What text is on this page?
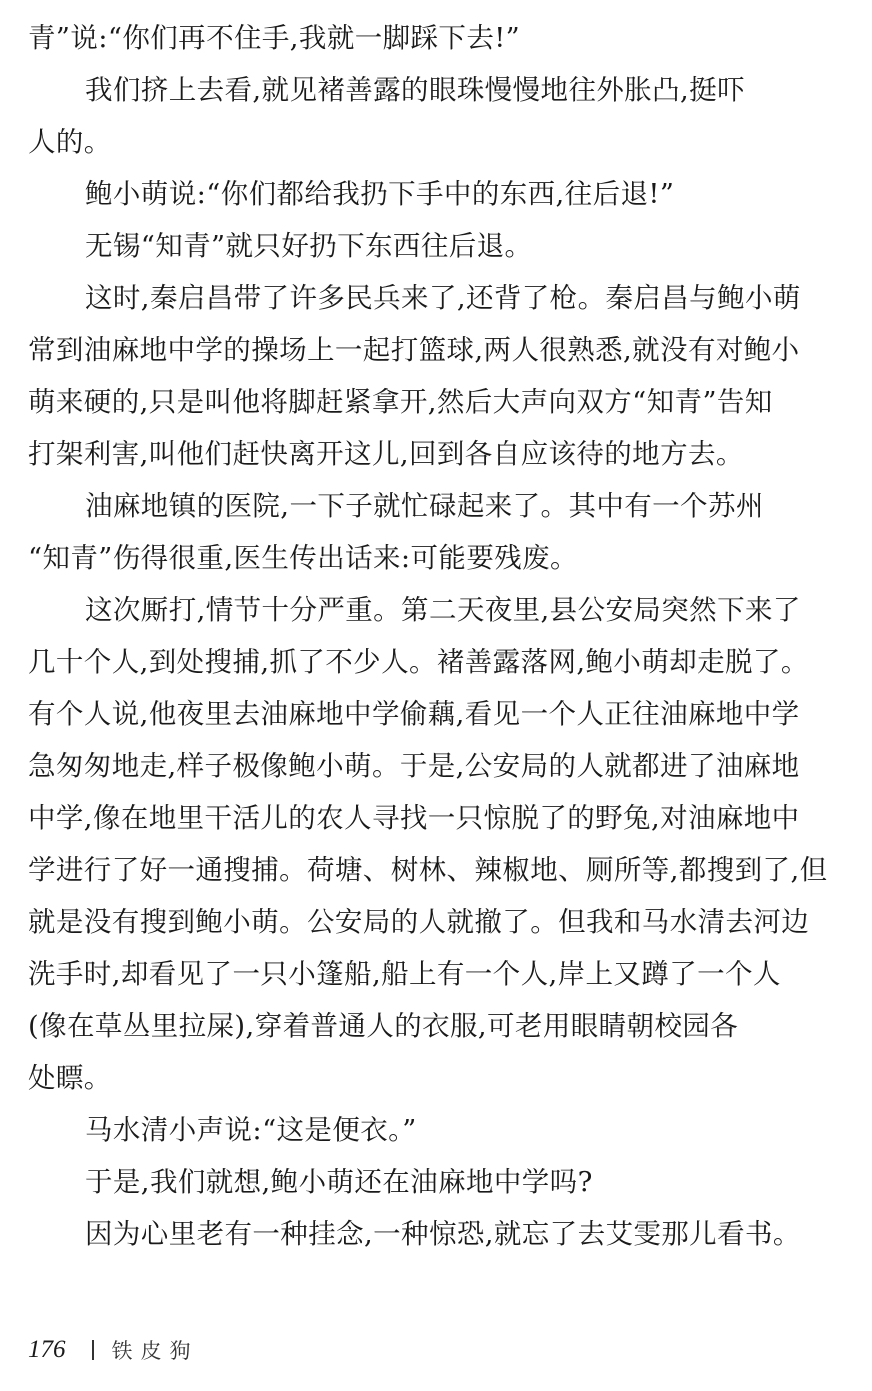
青”说:“你们再不住手,我就一脚踩下去!”
我们挤上去看,就见褚善露的眼珠慢慢地往外胀凸,挺吓
人的。
鲍小萌说:“你们都给我扔下手中的东西,往后退!”
无锡“知青”就只好扔下东西往后退。
这时,秦启昌带了许多民兵来了,还背了枪。秦启昌与鲍小萌
常到油麻地中学的操场上一起打篮球,两人很熟悉,就没有对鲍小
萌来硬的,只是叫他将脚赶紧拿开,然后大声向双方“知青”告知
打架利害,叫他们赶快离开这儿,回到各自应该待的地方去。
油麻地镇的医院,一下子就忙碌起来了。其中有一个苏州
“知青”伤得很重,医生传出话来:可能要残废。
这次厮打,情节十分严重。第二天夜里,县公安局突然下来了
几十个人,到处搜捕,抓了不少人。褚善露落网,鲍小萌却走脱了。
有个人说,他夜里去油麻地中学偷藕,看见一个人正往油麻地中学
急匆匆地走,样子极像鲍小萌。于是,公安局的人就都进了油麻地
中学,像在地里干活儿的农人寻找一只惊脱了的野兔,对油麻地中
学进行了好一通搜捕。荷塘、树林、辣椒地、厕所等,都搜到了,但
就是没有搜到鲍小萌。公安局的人就撤了。但我和马水清去河边
洗手时,却看见了一只小篷船,船上有一个人,岸上又蹲了一个人
(像在草丛里拉屎),穿着普通人的衣服,可老用眼睛朝校园各
处瞟。
马水清小声说:“这是便衣。”
于是,我们就想,鲍小萌还在油麻地中学吗?
因为心里老有一种挂念,一种惊恐,就忘了去艾雯那儿看书。
176 铁皮狗
